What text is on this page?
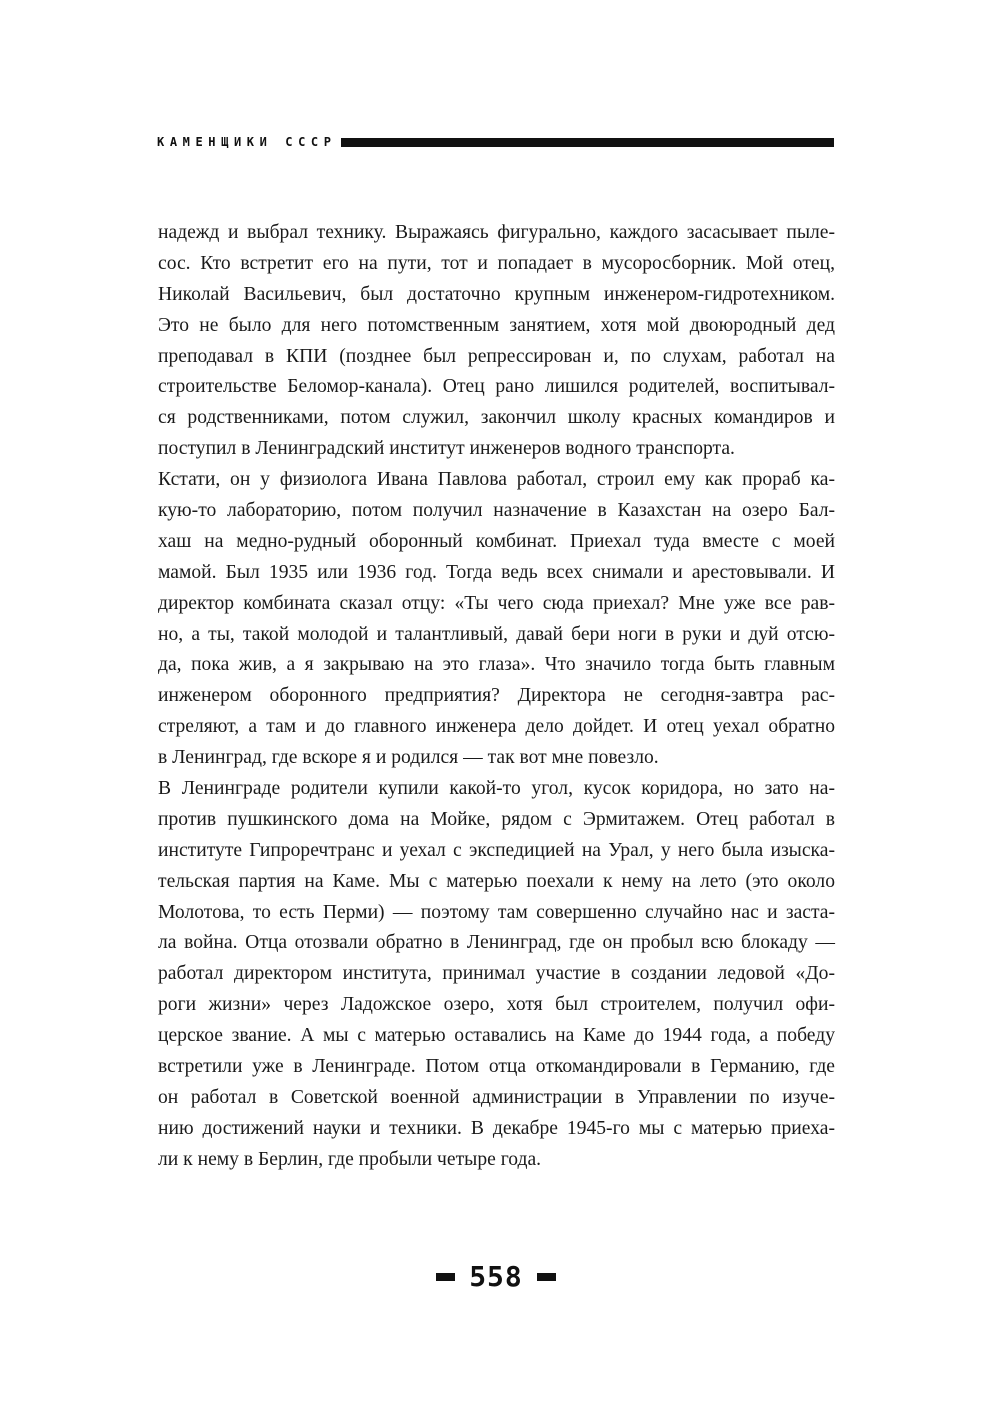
КАМЕНЩИКИ СССР
надежд и выбрал технику. Выражаясь фигурально, каждого засасывает пыле-
сос. Кто встретит его на пути, тот и попадает в мусоросборник. Мой отец,
Николай Васильевич, был достаточно крупным инженером-гидротехником.
Это не было для него потомственным занятием, хотя мой двоюродный дед
преподавал в КПИ (позднее был репрессирован и, по слухам, работал на
строительстве Беломор-канала). Отец рано лишился родителей, воспитывал-
ся родственниками, потом служил, закончил школу красных командиров и
поступил в Ленинградский институт инженеров водного транспорта.
Кстати, он у физиолога Ивана Павлова работал, строил ему как прораб ка-
кую-то лабораторию, потом получил назначение в Казахстан на озеро Бал-
хаш на медно-рудный оборонный комбинат. Приехал туда вместе с моей
мамой. Был 1935 или 1936 год. Тогда ведь всех снимали и арестовывали. И
директор комбината сказал отцу: «Ты чего сюда приехал? Мне уже все рав-
но, а ты, такой молодой и талантливый, давай бери ноги в руки и дуй отсю-
да, пока жив, а я закрываю на это глаза». Что значило тогда быть главным
инженером оборонного предприятия? Директора не сегодня-завтра рас-
стреляют, а там и до главного инженера дело дойдет. И отец уехал обратно
в Ленинград, где вскоре я и родился — так вот мне повезло.
В Ленинграде родители купили какой-то угол, кусок коридора, но зато на-
против пушкинского дома на Мойке, рядом с Эрмитажем. Отец работал в
институте Гипроречтранс и уехал с экспедицией на Урал, у него была изыска-
тельская партия на Каме. Мы с матерью поехали к нему на лето (это около
Молотова, то есть Перми) — поэтому там совершенно случайно нас и заста-
ла война. Отца отозвали обратно в Ленинград, где он пробыл всю блокаду —
работал директором института, принимал участие в создании ледовой «До-
роги жизни» через Ладожское озеро, хотя был строителем, получил офи-
церское звание. А мы с матерью оставались на Каме до 1944 года, а победу
встретили уже в Ленинграде. Потом отца откомандировали в Германию, где
он работал в Советской военной администрации в Управлении по изуче-
нию достижений науки и техники. В декабре 1945-го мы с матерью приеха-
ли к нему в Берлин, где пробыли четыре года.
558
